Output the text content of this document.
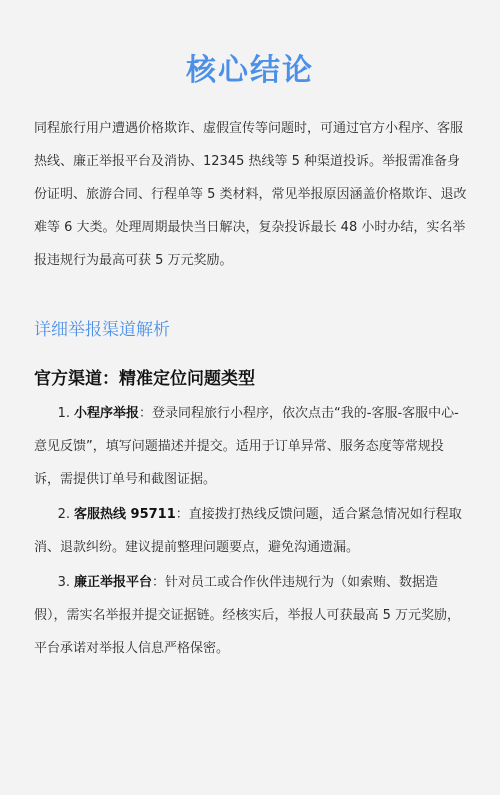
核心结论
同程旅行用户遭遇价格欺诈、虚假宣传等问题时，可通过官方小程序、客服热线、廉正举报平台及消协、12345 热线等 5 种渠道投诉。举报需准备身份证明、旅游合同、行程单等 5 类材料，常见举报原因涵盖价格欺诈、退改难等 6 大类。处理周期最快当日解决，复杂投诉最长 48 小时办结，实名举报违规行为最高可获 5 万元奖励。
详细举报渠道解析
官方渠道：精准定位问题类型
1. 小程序举报：登录同程旅行小程序，依次点击“我的-客服-客服中心-意见反馈”，填写问题描述并提交。适用于订单异常、服务态度等常规投诉，需提供订单号和截图证据。
2. 客服热线 95711：直接拨打热线反馈问题，适合紧急情况如行程取消、退款纠纷。建议提前整理问题要点，避免沟通遗漏。
3. 廉正举报平台：针对员工或合作伙伴违规行为（如索贿、数据造假），需实名举报并提交证据链。经核实后，举报人可获最高 5 万元奖励，平台承诺对举报人信息严格保密。
